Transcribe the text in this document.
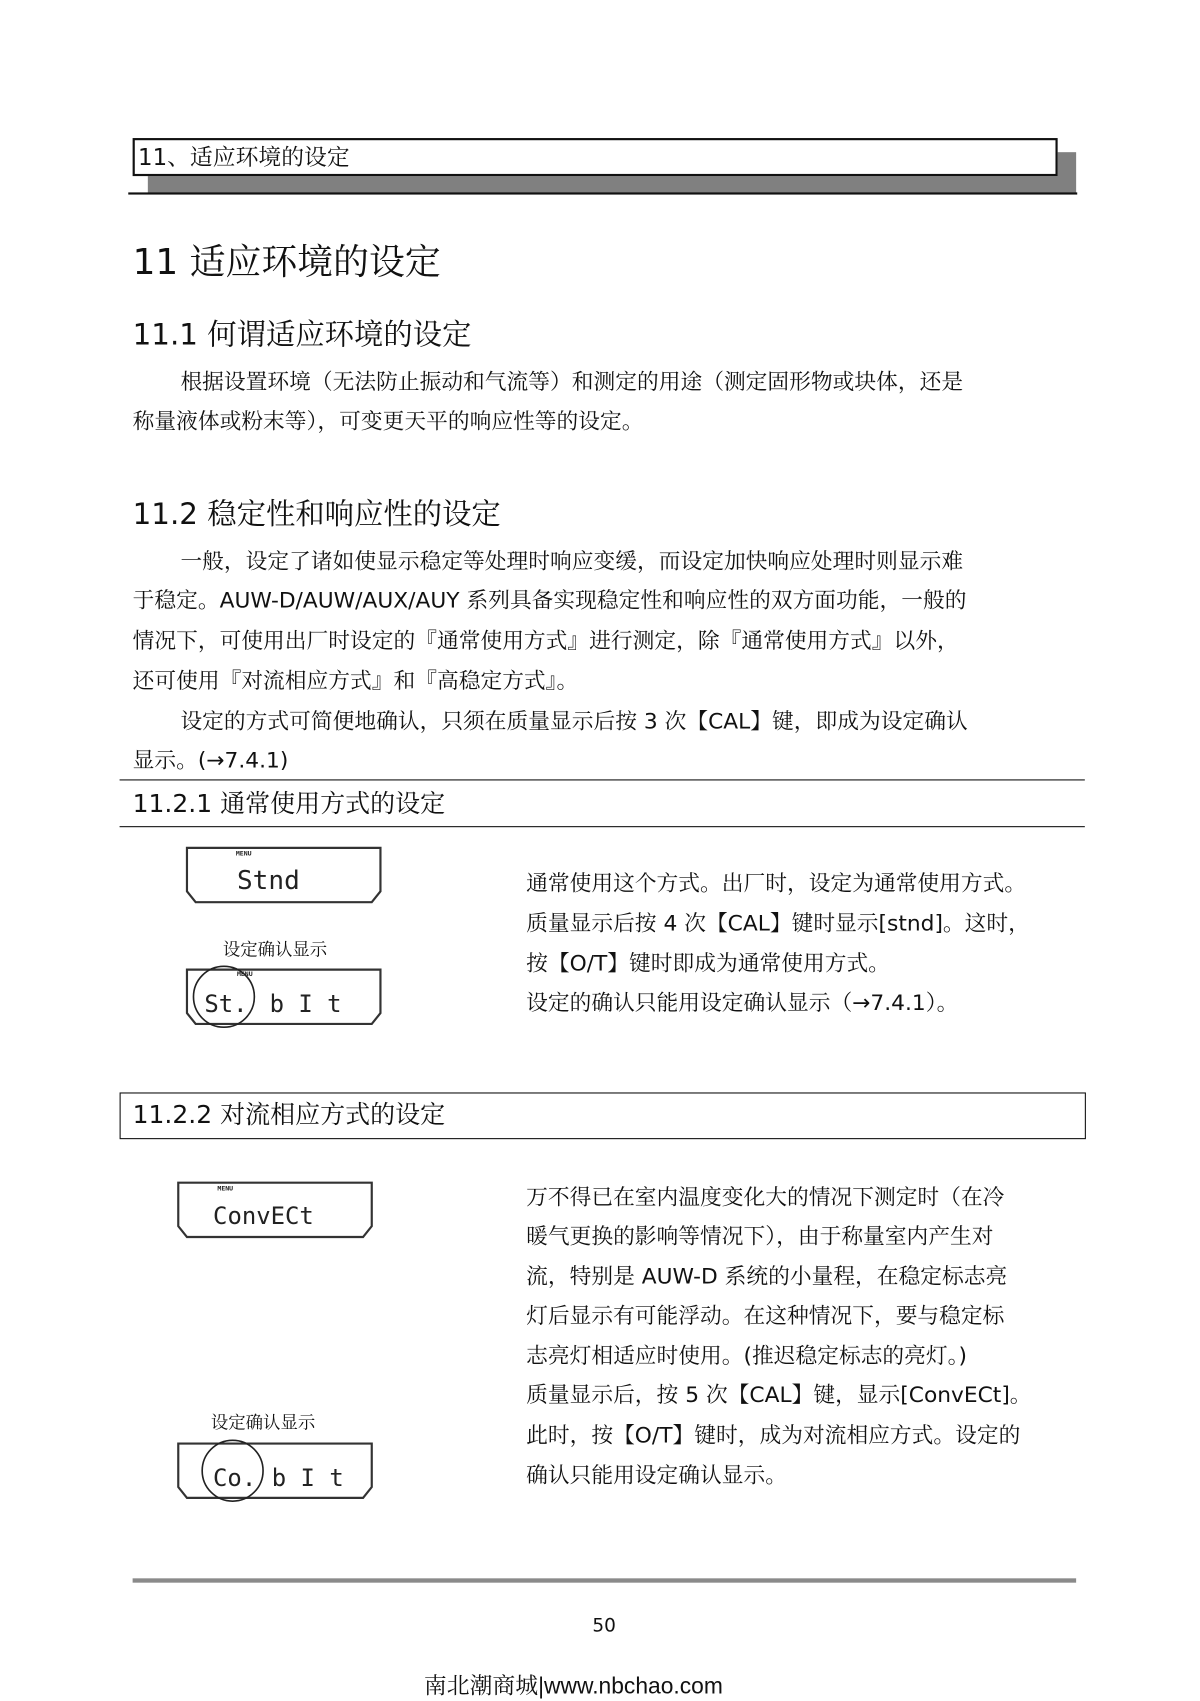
11、适应环境的设定
11 适应环境的设定
11.1 何谓适应环境的设定
根据设置环境（无法防止振动和气流等）和测定的用途（测定固形物或块体，还是
称量液体或粉末等），可变更天平的响应性等的设定。
11.2 稳定性和响应性的设定
一般，设定了诸如使显示稳定等处理时响应变缓，而设定加快响应处理时则显示难
于稳定。AUW-D/AUW/AUX/AUY 系列具备实现稳定性和响应性的双方面功能，一般的
情况下，可使用出厂时设定的『通常使用方式』进行测定，除『通常使用方式』以外，
还可使用『对流相应方式』和『高稳定方式』。
设定的方式可简便地确认，只须在质量显示后按 3 次【CAL】键，即成为设定确认
显示。(→7.4.1)
11.2.1 通常使用方式的设定
MENU
Stnd
设定确认显示
MENU
St. b I t
通常使用这个方式。出厂时，设定为通常使用方式。
质量显示后按 4 次【CAL】键时显示[stnd]。这时，
按【O/T】键时即成为通常使用方式。
设定的确认只能用设定确认显示（→7.4.1）。
11.2.2 对流相应方式的设定
MENU
ConvECt
设定确认显示
Co. b I t
万不得已在室内温度变化大的情况下测定时（在冷
暖气更换的影响等情况下），由于称量室内产生对
流，特别是 AUW-D 系统的小量程，在稳定标志亮
灯后显示有可能浮动。在这种情况下，要与稳定标
志亮灯相适应时使用。(推迟稳定标志的亮灯。)
质量显示后，按 5 次【CAL】键，显示[ConvECt]。
此时，按【O/T】键时，成为对流相应方式。设定的
确认只能用设定确认显示。
50
南北潮商城|www.nbchao.com
